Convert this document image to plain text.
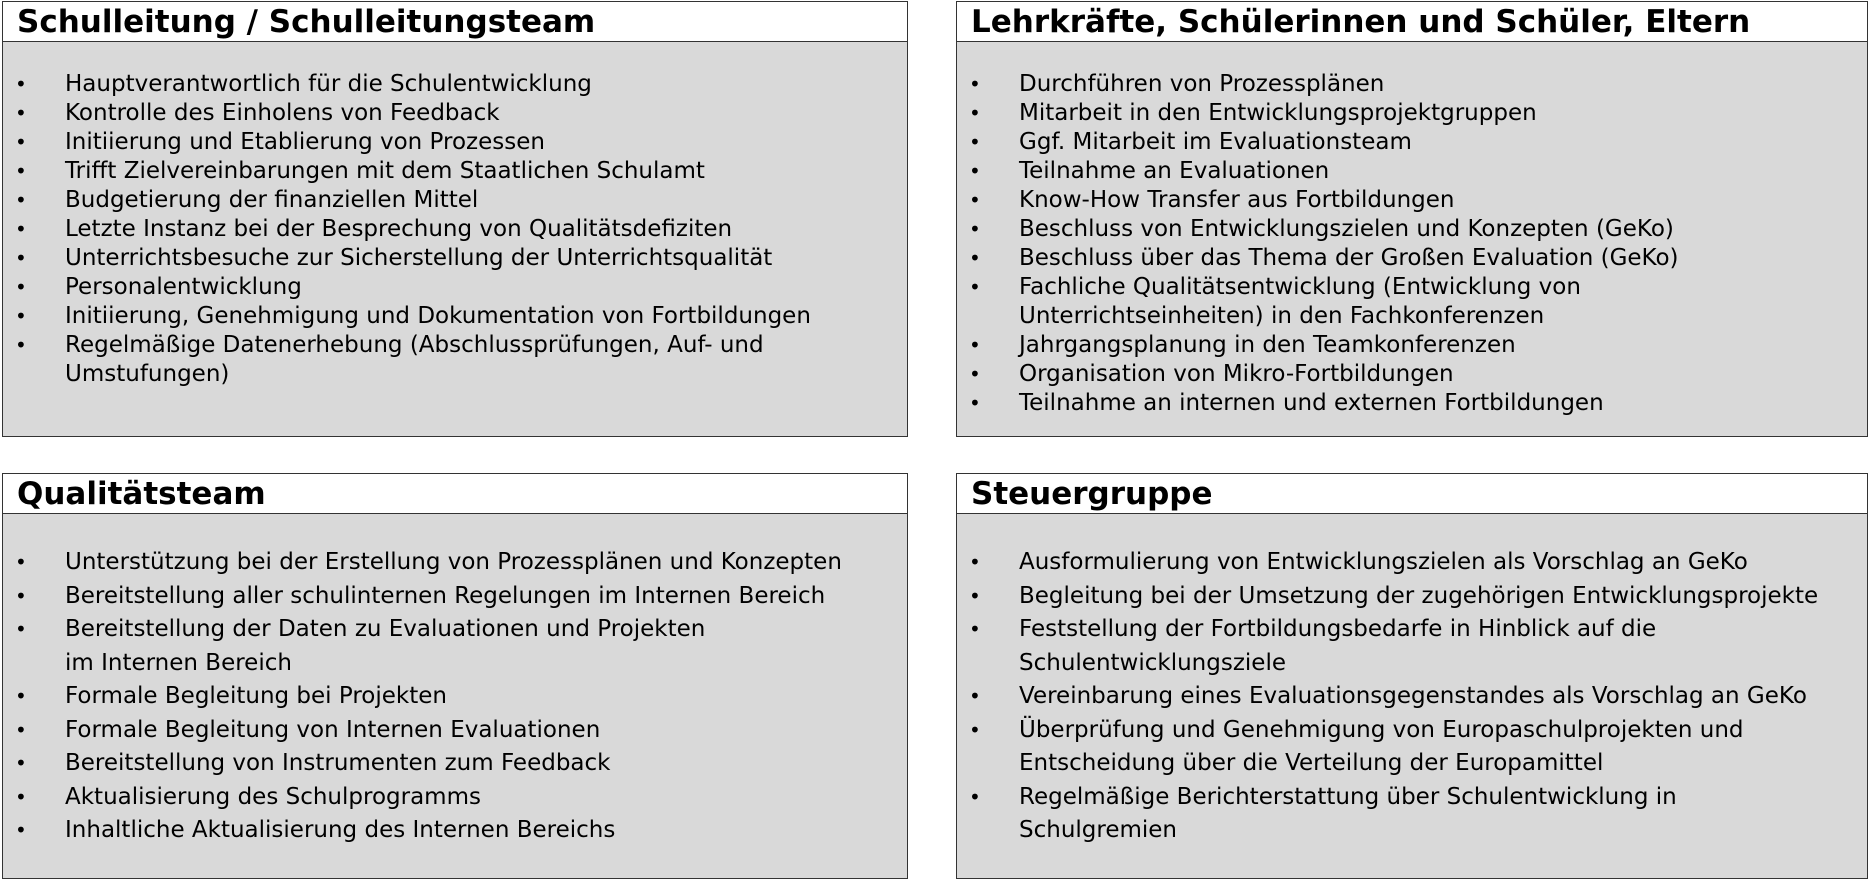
Schulleitung / Schulleitungsteam
• Hauptverantwortlich für die Schulentwicklung
• Kontrolle des Einholens von Feedback
• Initiierung und Etablierung von Prozessen
• Trifft Zielvereinbarungen mit dem Staatlichen Schulamt
• Budgetierung der finanziellen Mittel
• Letzte Instanz bei der Besprechung von Qualitätsdefiziten
• Unterrichtsbesuche zur Sicherstellung der Unterrichtsqualität
• Personalentwicklung
• Initiierung, Genehmigung und Dokumentation von Fortbildungen
• Regelmäßige Datenerhebung (Abschlussprüfungen, Auf- und
Umstufungen)
Lehrkräfte, Schülerinnen und Schüler, Eltern
• Durchführen von Prozessplänen
• Mitarbeit in den Entwicklungsprojektgruppen
• Ggf. Mitarbeit im Evaluationsteam
• Teilnahme an Evaluationen
• Know-How Transfer aus Fortbildungen
• Beschluss von Entwicklungszielen und Konzepten (GeKo)
• Beschluss über das Thema der Großen Evaluation (GeKo)
• Fachliche Qualitätsentwicklung (Entwicklung von
Unterrichtseinheiten) in den Fachkonferenzen
• Jahrgangsplanung in den Teamkonferenzen
• Organisation von Mikro-Fortbildungen
• Teilnahme an internen und externen Fortbildungen
Qualitätsteam
• Unterstützung bei der Erstellung von Prozessplänen und Konzepten
• Bereitstellung aller schulinternen Regelungen im Internen Bereich
• Bereitstellung der Daten zu Evaluationen und Projekten
im Internen Bereich
• Formale Begleitung bei Projekten
• Formale Begleitung von Internen Evaluationen
• Bereitstellung von Instrumenten zum Feedback
• Aktualisierung des Schulprogramms
• Inhaltliche Aktualisierung des Internen Bereichs
Steuergruppe
• Ausformulierung von Entwicklungszielen als Vorschlag an GeKo
• Begleitung bei der Umsetzung der zugehörigen Entwicklungsprojekte
• Feststellung der Fortbildungsbedarfe in Hinblick auf die
Schulentwicklungsziele
• Vereinbarung eines Evaluationsgegenstandes als Vorschlag an GeKo
• Überprüfung und Genehmigung von Europaschulprojekten und
Entscheidung über die Verteilung der Europamittel
• Regelmäßige Berichterstattung über Schulentwicklung in
Schulgremien
